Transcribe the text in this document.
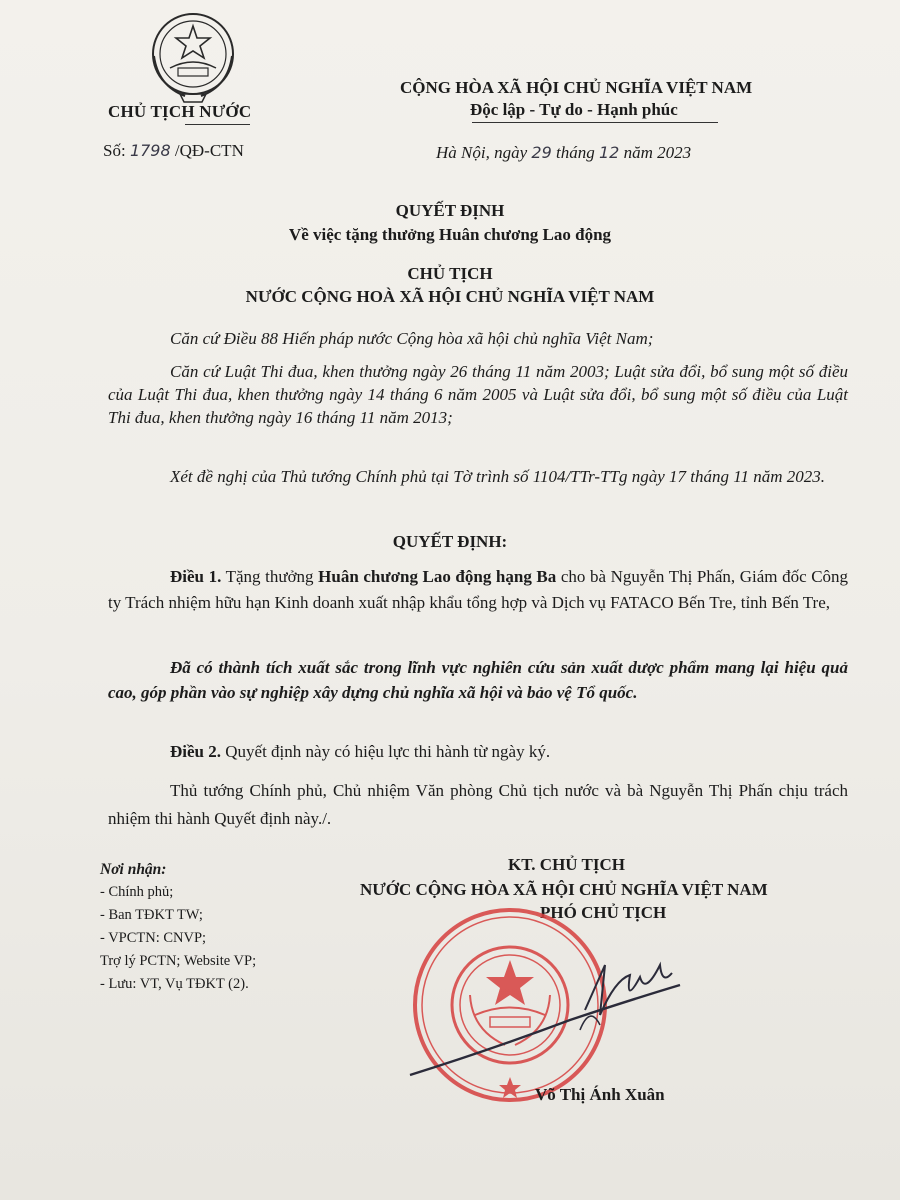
CHỦ TỊCH NƯỚC
Số: 1798 /QĐ-CTN
CỘNG HÒA XÃ HỘI CHỦ NGHĨA VIỆT NAM
Độc lập - Tự do - Hạnh phúc
Hà Nội, ngày 29 tháng 12 năm 2023
QUYẾT ĐỊNH
Về việc tặng thưởng Huân chương Lao động
CHỦ TỊCH
NƯỚC CỘNG HOÀ XÃ HỘI CHỦ NGHĨA VIỆT NAM
Căn cứ Điều 88 Hiến pháp nước Cộng hòa xã hội chủ nghĩa Việt Nam;
Căn cứ Luật Thi đua, khen thưởng ngày 26 tháng 11 năm 2003; Luật sửa đổi, bổ sung một số điều của Luật Thi đua, khen thưởng ngày 14 tháng 6 năm 2005 và Luật sửa đổi, bổ sung một số điều của Luật Thi đua, khen thưởng ngày 16 tháng 11 năm 2013;
Xét đề nghị của Thủ tướng Chính phủ tại Tờ trình số 1104/TTr-TTg ngày 17 tháng 11 năm 2023.
QUYẾT ĐỊNH:
Điều 1. Tặng thưởng Huân chương Lao động hạng Ba cho bà Nguyễn Thị Phấn, Giám đốc Công ty Trách nhiệm hữu hạn Kinh doanh xuất nhập khẩu tổng hợp và Dịch vụ FATACO Bến Tre, tỉnh Bến Tre,
Đã có thành tích xuất sắc trong lĩnh vực nghiên cứu sản xuất dược phẩm mang lại hiệu quả cao, góp phần vào sự nghiệp xây dựng chủ nghĩa xã hội và bảo vệ Tổ quốc.
Điều 2. Quyết định này có hiệu lực thi hành từ ngày ký.
Thủ tướng Chính phủ, Chủ nhiệm Văn phòng Chủ tịch nước và bà Nguyễn Thị Phấn chịu trách nhiệm thi hành Quyết định này./.
Nơi nhận:
- Chính phủ;
- Ban TĐKT TW;
- VPCTN: CNVP;
Trợ lý PCTN; Website VP;
- Lưu: VT, Vụ TĐKT (2).
KT. CHỦ TỊCH
NƯỚC CỘNG HÒA XÃ HỘI CHỦ NGHĨA VIỆT NAM
PHÓ CHỦ TỊCH
Võ Thị Ánh Xuân
